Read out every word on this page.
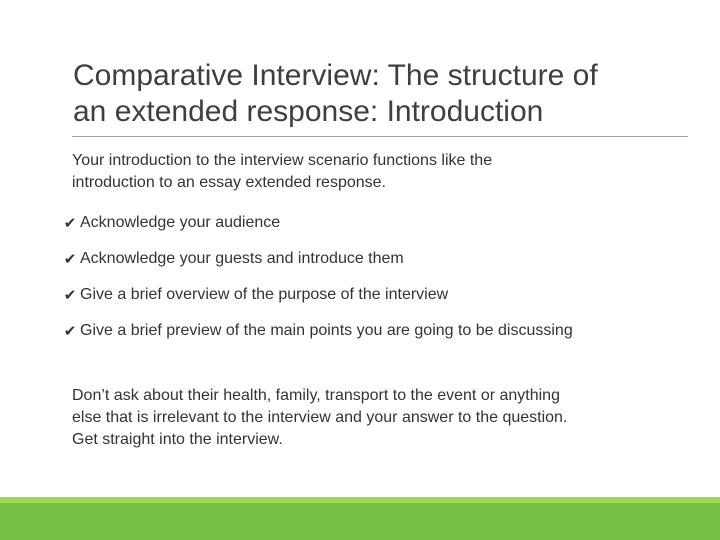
Comparative Interview: The structure of
an extended response: Introduction
Your introduction to the interview scenario functions like the
introduction to an essay extended response.
✔ Acknowledge your audience
✔ Acknowledge your guests and introduce them
✔ Give a brief overview of the purpose of the interview
✔ Give a brief preview of the main points you are going to be discussing
Don’t ask about their health, family, transport to the event or anything
else that is irrelevant to the interview and your answer to the question.
Get straight into the interview.
